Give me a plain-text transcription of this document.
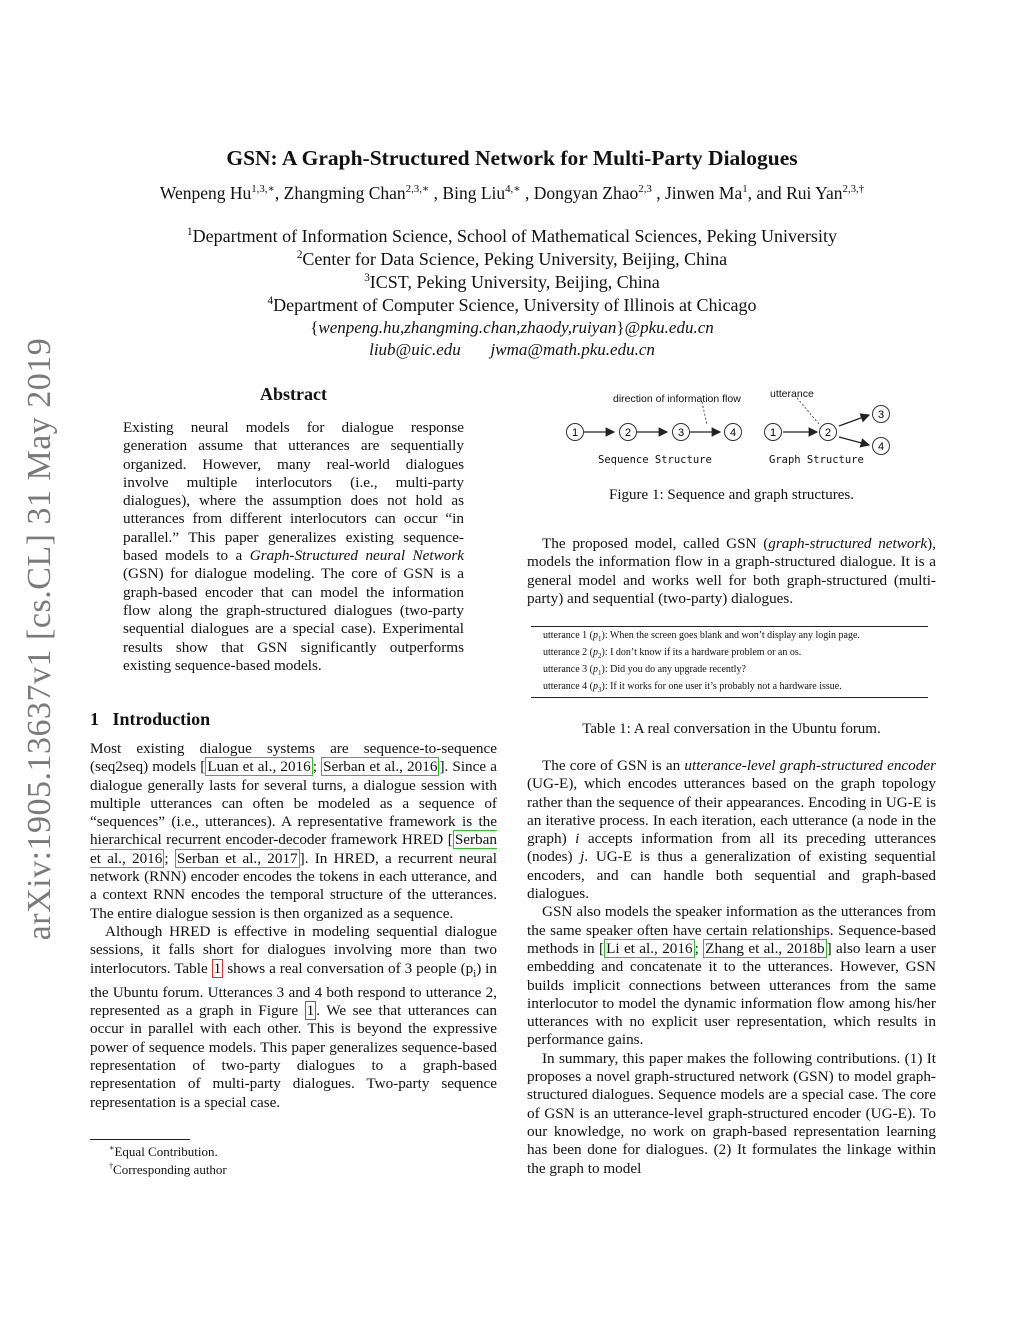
arXiv:1905.13637v1 [cs.CL] 31 May 2019
GSN: A Graph-Structured Network for Multi-Party Dialogues
Wenpeng $Hu^{1,3,∗}$, Zhangming Chan$^{2,3,∗}$ , Bing Liu$^{4,∗}$ , Dongyan Zhao$^{2,3}$ , Jinwen Ma$^1$, and Rui Yan$^{2,3,\dagger}$
$^1$Department of Information Science, School of Mathematical Sciences, Peking University
$^2$Center for Data Science, Peking University, Beijing, China
$^3$ICST, Peking University, Beijing, China
$^4$Department of Computer Science, University of Illinois at Chicago
{wenpeng.hu,zhangming.chan,zhaody,ruiyan}@pku.edu.cn
liub@uic.edu jwma@math.pku.edu.cn
Abstract

Existing neural models for dialogue response generation assume that utterances are sequentially organized. However, many real-world dialogues involve multiple interlocutors (i.e., multi-party dialogues), where the assumption does not hold as utterances from different interlocutors can occur “in parallel.” This paper generalizes existing sequence-based models to a Graph-Structured neural Network (GSN) for dialogue modeling. The core of GSN is a graph-based encoder that can model the information flow along the graph-structured dialogues (two-party sequential dialogues are a special case). Experimental results show that GSN significantly outperforms existing sequence-based models.

1 Introduction

Most existing dialogue systems are sequence-to-sequence (seq2seq) models [ Luan et al., 2016 ; Serban et al., 2016 ]. Since a dialogue generally lasts for several turns, a dialogue session with multiple utterances can often be modeled as a sequence of “sequences” (i.e., utterances). A representative framework is the hierarchical recurrent encoder-decoder framework HRED [ Serban et al., 2016 ; Serban et al., 2017 ]. In HRED, a recurrent neural network (RNN) encoder encodes the tokens in each utterance, and a context RNN encodes the temporal structure of the utterances. The entire dialogue session is then organized as a sequence.

Although HRED is effective in modeling sequential dialogue sessions, it falls short for dialogues involving more than two interlocutors. Table 1 shows a real conversation of 3 people $(p_i)$ in the Ubuntu forum. Utterances 3 and 4 both respond to utterance 2, represented as a graph in Figure 1 . We see that utterances can occur in parallel with each other. This is beyond the expressive power of sequence models. This paper generalizes sequence-based representation of two-party dialogues to a graph-based representation of multi-party dialogues. Two-party sequence representation is a special case.

∗Equal Contribution.
†Corresponding author
direction of information flow	utterance
1	2	3	4	1	2
3
4
Sequence Structure	Graph Structure
Figure 1: Sequence and graph structures.

The proposed model, called GSN (graph-structured network), models the information flow in a graph-structured dialogue. It is a general model and works well for both graph-structured (multi-party) and sequential (two-party) dialogues.

utterance 1 $(p_1)$: When the screen goes blank and won’t display any login page.
utterance 2 $(p_2)$: I don’t know if its a hardware problem or an os.
utterance 3 $(p_1)$: Did you do any upgrade recently?
utterance 4 $(p_3)$: If it works for one user it’s probably not a hardware issue.
Table 1: A real conversation in the Ubuntu forum.

The core of GSN is an utterance-level graph-structured encoder (UG-E), which encodes utterances based on the graph topology rather than the sequence of their appearances. Encoding in UG-E is an iterative process. In each iteration, each utterance (a node in the graph) i accepts information from all its preceding utterances (nodes) j. UG-E is thus a generalization of existing sequential encoders, and can handle both sequential and graph-based dialogues.

GSN also models the speaker information as the utterances from the same speaker often have certain relationships. Sequence-based methods in [ Li et al., 2016 ; Zhang et al., 2018b ] also learn a user embedding and concatenate it to the utterances. However, GSN builds implicit connections between utterances from the same interlocutor to model the dynamic information flow among his/her utterances with no explicit user representation, which results in performance gains.

In summary, this paper makes the following contributions. (1) It proposes a novel graph-structured network (GSN) to model graph-structured dialogues. Sequence models are a special case. The core of GSN is an utterance-level graph-structured encoder (UG-E). To our knowledge, no work on graph-based representation learning has been done for dialogues. (2) It formulates the linkage within the graph to model
